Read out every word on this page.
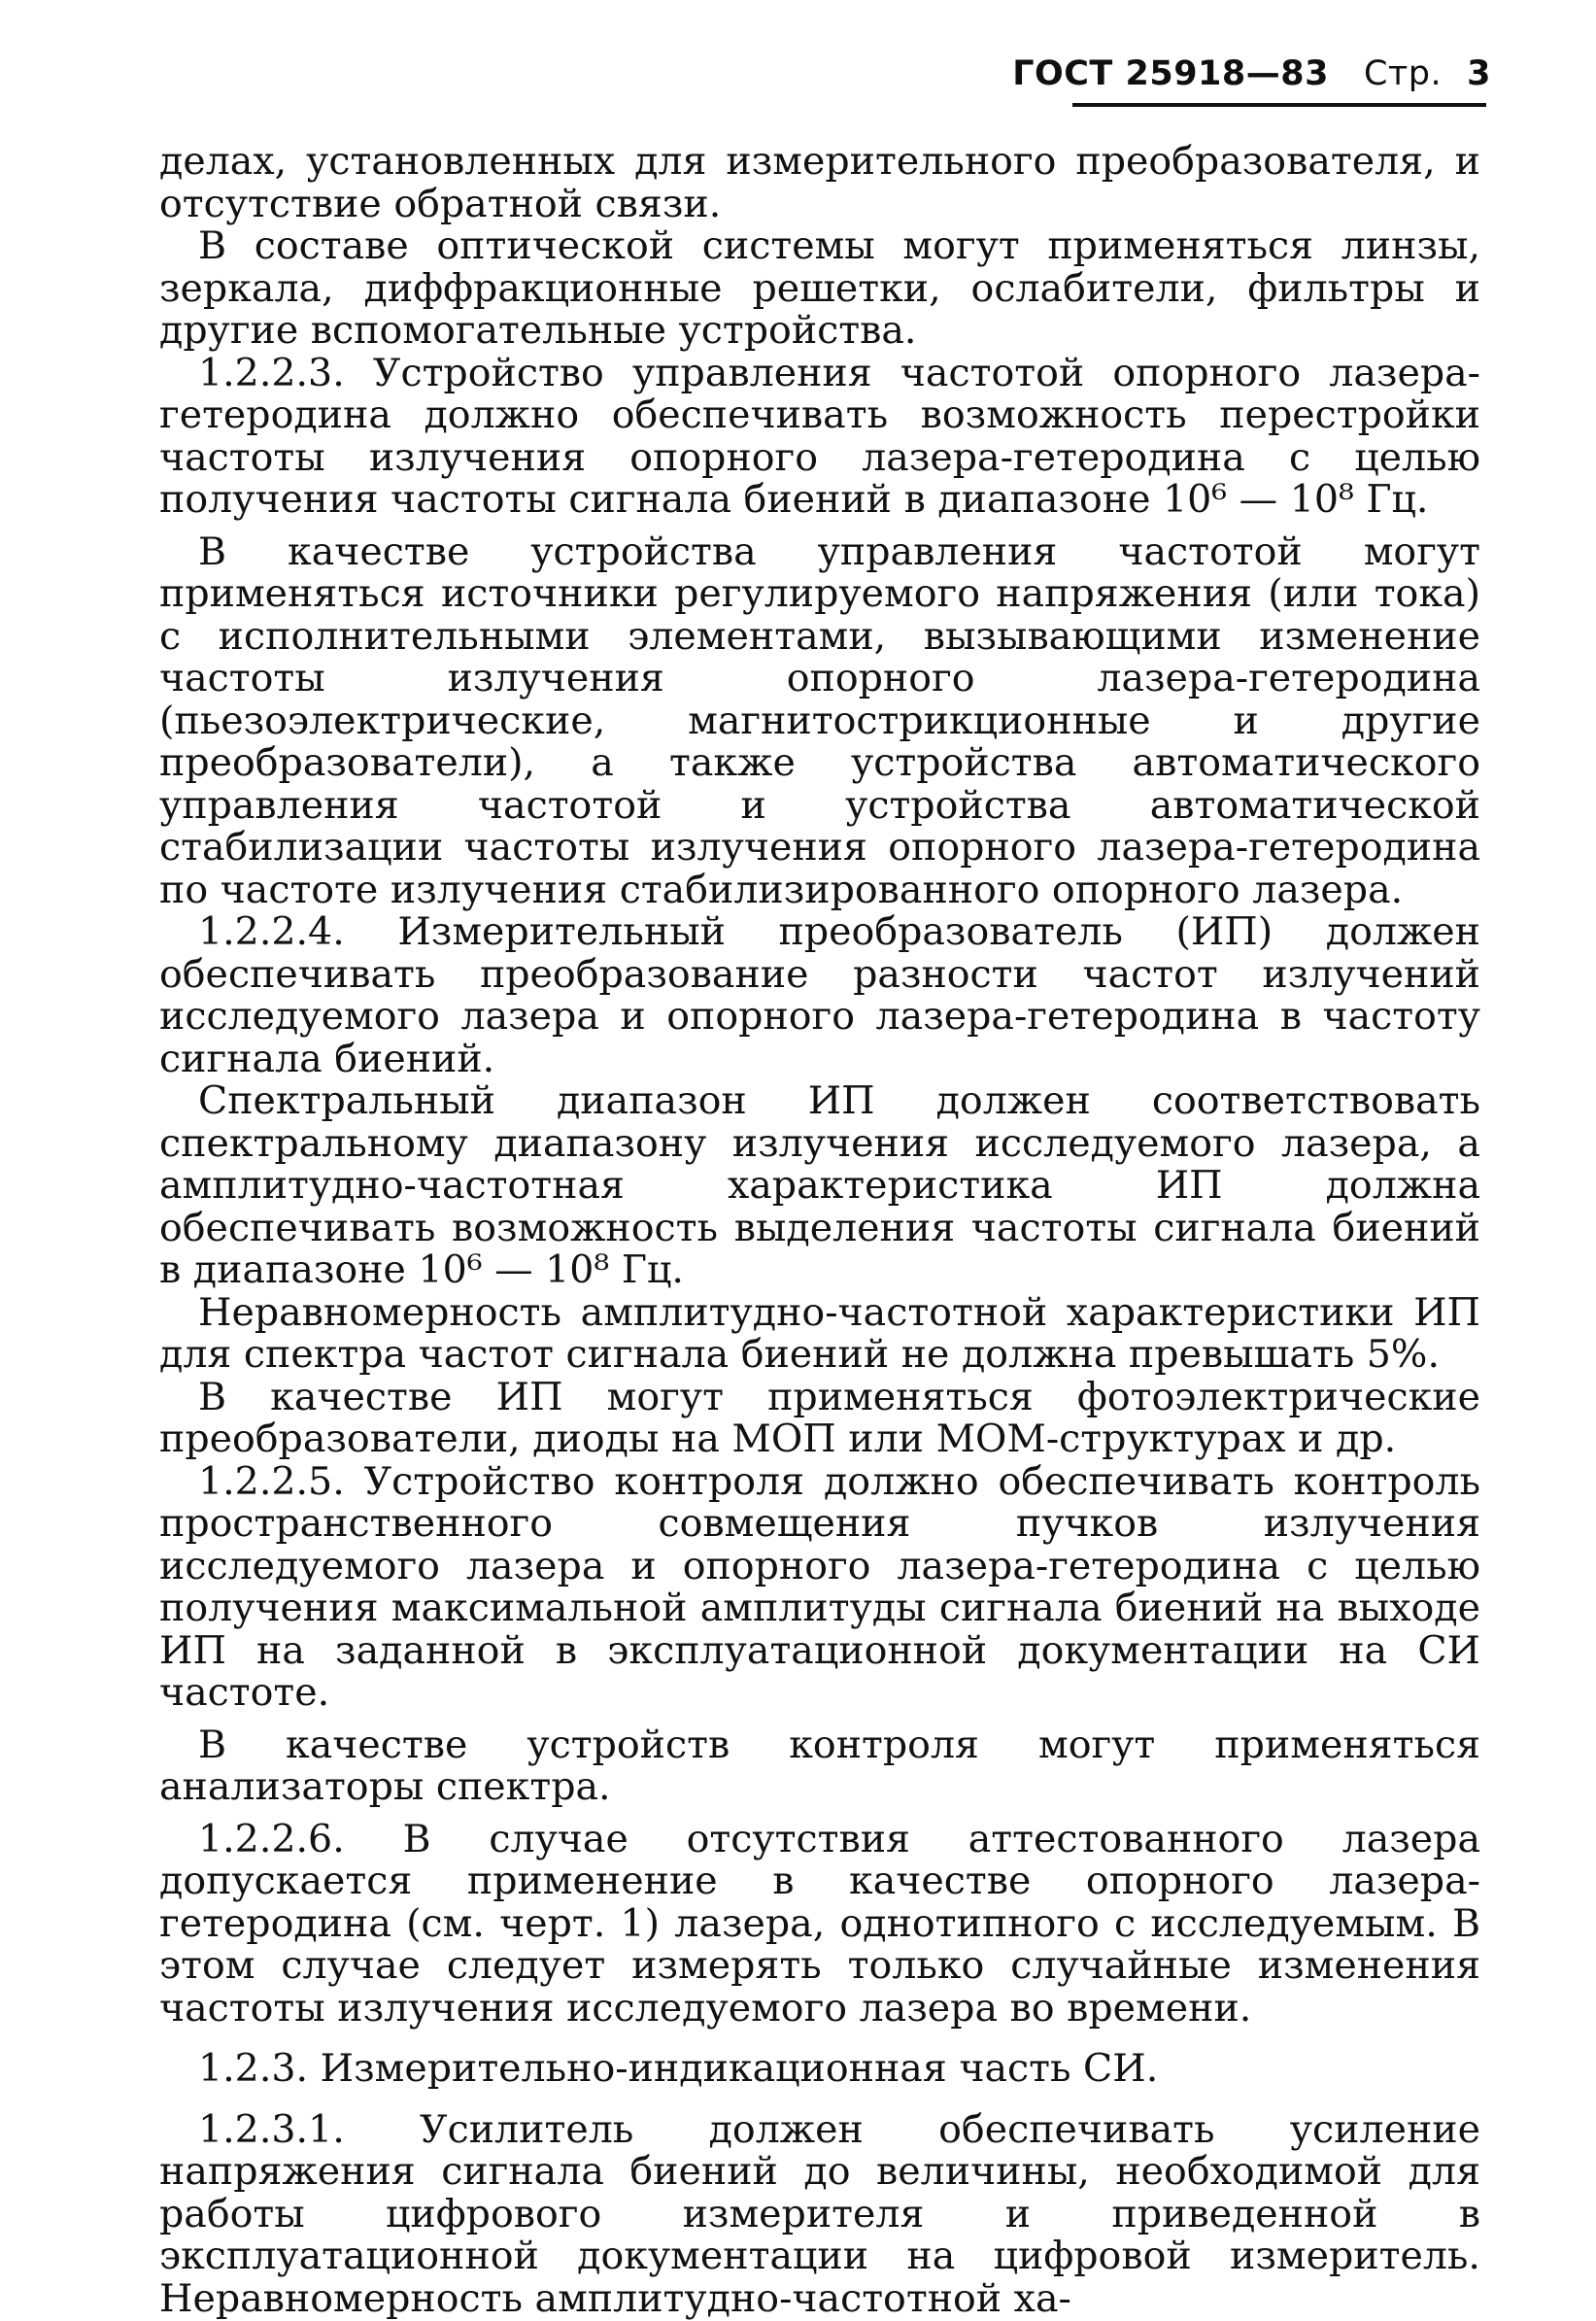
ГОСТ 25918—83 Стр. 3

делах, установленных для измерительного преобразователя, и отсутствие обратной связи.

В составе оптической системы могут применяться линзы, зеркала, диффракционные решетки, ослабители, фильтры и другие вспомогательные устройства.

1.2.2.3. Устройство управления частотой опорного лазера-гетеродина должно обеспечивать возможность перестройки частоты излучения опорного лазера-гетеродина с целью получения частоты сигнала биений в диапазоне 10⁶ — 10⁸ Гц.

В качестве устройства управления частотой могут применяться источники регулируемого напряжения (или тока) с исполнительными элементами, вызывающими изменение частоты излучения опорного лазера-гетеродина (пьезоэлектрические, магнитострикционные и другие преобразователи), а также устройства автоматического управления частотой и устройства автоматической стабилизации частоты излучения опорного лазера-гетеродина по частоте излучения стабилизированного опорного лазера.

1.2.2.4. Измерительный преобразователь (ИП) должен обеспечивать преобразование разности частот излучений исследуемого лазера и опорного лазера-гетеродина в частоту сигнала биений.

Спектральный диапазон ИП должен соответствовать спектральному диапазону излучения исследуемого лазера, а амплитудно-частотная характеристика ИП должна обеспечивать возможность выделения частоты сигнала биений в диапазоне 10⁶ — 10⁸ Гц.

Неравномерность амплитудно-частотной характеристики ИП для спектра частот сигнала биений не должна превышать 5%.

В качестве ИП могут применяться фотоэлектрические преобразователи, диоды на МОП или МОМ-структурах и др.

1.2.2.5. Устройство контроля должно обеспечивать контроль пространственного совмещения пучков излучения исследуемого лазера и опорного лазера-гетеродина с целью получения максимальной амплитуды сигнала биений на выходе ИП на заданной в эксплуатационной документации на СИ частоте.

В качестве устройств контроля могут применяться анализаторы спектра.

1.2.2.6. В случае отсутствия аттестованного лазера допускается применение в качестве опорного лазера-гетеродина (см. черт. 1) лазера, однотипного с исследуемым. В этом случае следует измерять только случайные изменения частоты излучения исследуемого лазера во времени.

1.2.3. Измерительно-индикационная часть СИ.

1.2.3.1. Усилитель должен обеспечивать усиление напряжения сигнала биений до величины, необходимой для работы цифрового измерителя и приведенной в эксплуатационной документации на цифровой измеритель. Неравномерность амплитудно-частотной ха-
